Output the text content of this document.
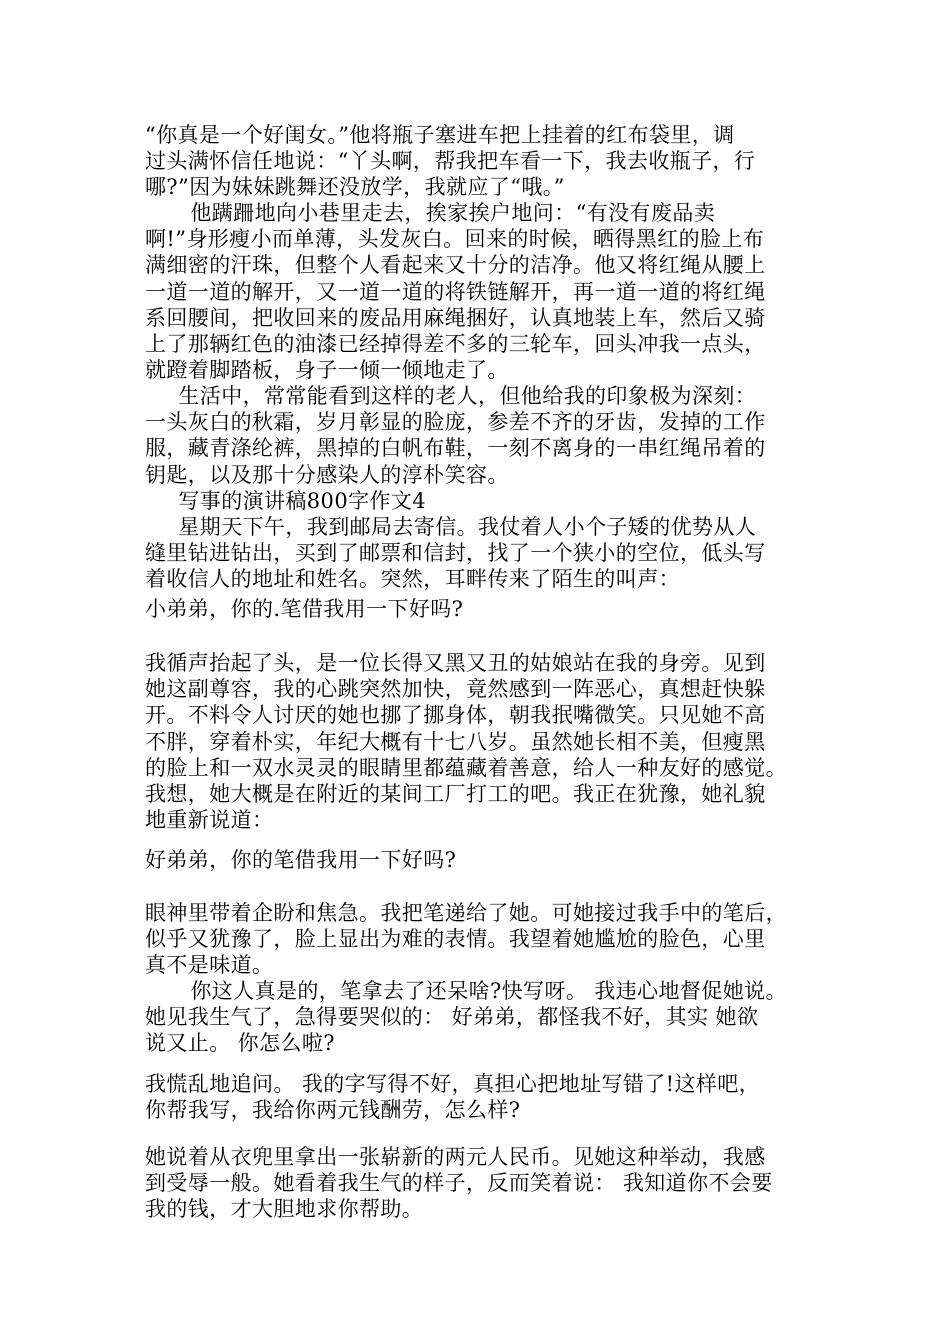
“你真是一个好闺女。”他将瓶子塞进车把上挂着的红布袋里，调
过头满怀信任地说：“丫头啊，帮我把车看一下，我去收瓶子，行
哪?”因为妹妹跳舞还没放学，我就应了“哦。”
　他蹒跚地向小巷里走去，挨家挨户地问：“有没有废品卖
啊!”身形瘦小而单薄，头发灰白。回来的时候，晒得黑红的脸上布
满细密的汗珠，但整个人看起来又十分的洁净。他又将红绳从腰上
一道一道的解开，又一道一道的将铁链解开，再一道一道的将红绳
系回腰间，把收回来的废品用麻绳捆好，认真地装上车，然后又骑
上了那辆红色的油漆已经掉得差不多的三轮车，回头冲我一点头，
就蹬着脚踏板，身子一倾一倾地走了。
　生活中，常常能看到这样的老人，但他给我的印象极为深刻：
一头灰白的秋霜，岁月彰显的脸庞，参差不齐的牙齿，发掉的工作
服，藏青涤纶裤，黑掉的白帆布鞋，一刻不离身的一串红绳吊着的
钥匙，以及那十分感染人的淳朴笑容。
　写事的演讲稿800字作文4
　星期天下午，我到邮局去寄信。我仗着人小个子矮的优势从人
缝里钻进钻出，买到了邮票和信封，找了一个狭小的空位，低头写
着收信人的地址和姓名。突然，耳畔传来了陌生的叫声：
小弟弟，你的.笔借我用一下好吗?
我循声抬起了头，是一位长得又黑又丑的姑娘站在我的身旁。见到
她这副尊容，我的心跳突然加快，竟然感到一阵恶心，真想赶快躲
开。不料令人讨厌的她也挪了挪身体，朝我抿嘴微笑。只见她不高
不胖，穿着朴实，年纪大概有十七八岁。虽然她长相不美，但瘦黑
的脸上和一双水灵灵的眼睛里都蕴藏着善意，给人一种友好的感觉。
我想，她大概是在附近的某间工厂打工的吧。我正在犹豫，她礼貌
地重新说道：
好弟弟，你的笔借我用一下好吗?
眼神里带着企盼和焦急。我把笔递给了她。可她接过我手中的笔后，
似乎又犹豫了，脸上显出为难的表情。我望着她尴尬的脸色，心里
真不是味道。
　你这人真是的，笔拿去了还呆啥?快写呀。 我违心地督促她说。
她见我生气了，急得要哭似的： 好弟弟，都怪我不好，其实 她欲
说又止。 你怎么啦?
我慌乱地追问。 我的字写得不好，真担心把地址写错了!这样吧，
你帮我写，我给你两元钱酬劳，怎么样?
她说着从衣兜里拿出一张崭新的两元人民币。见她这种举动，我感
到受辱一般。她看着我生气的样子，反而笑着说： 我知道你不会要
我的钱，才大胆地求你帮助。
